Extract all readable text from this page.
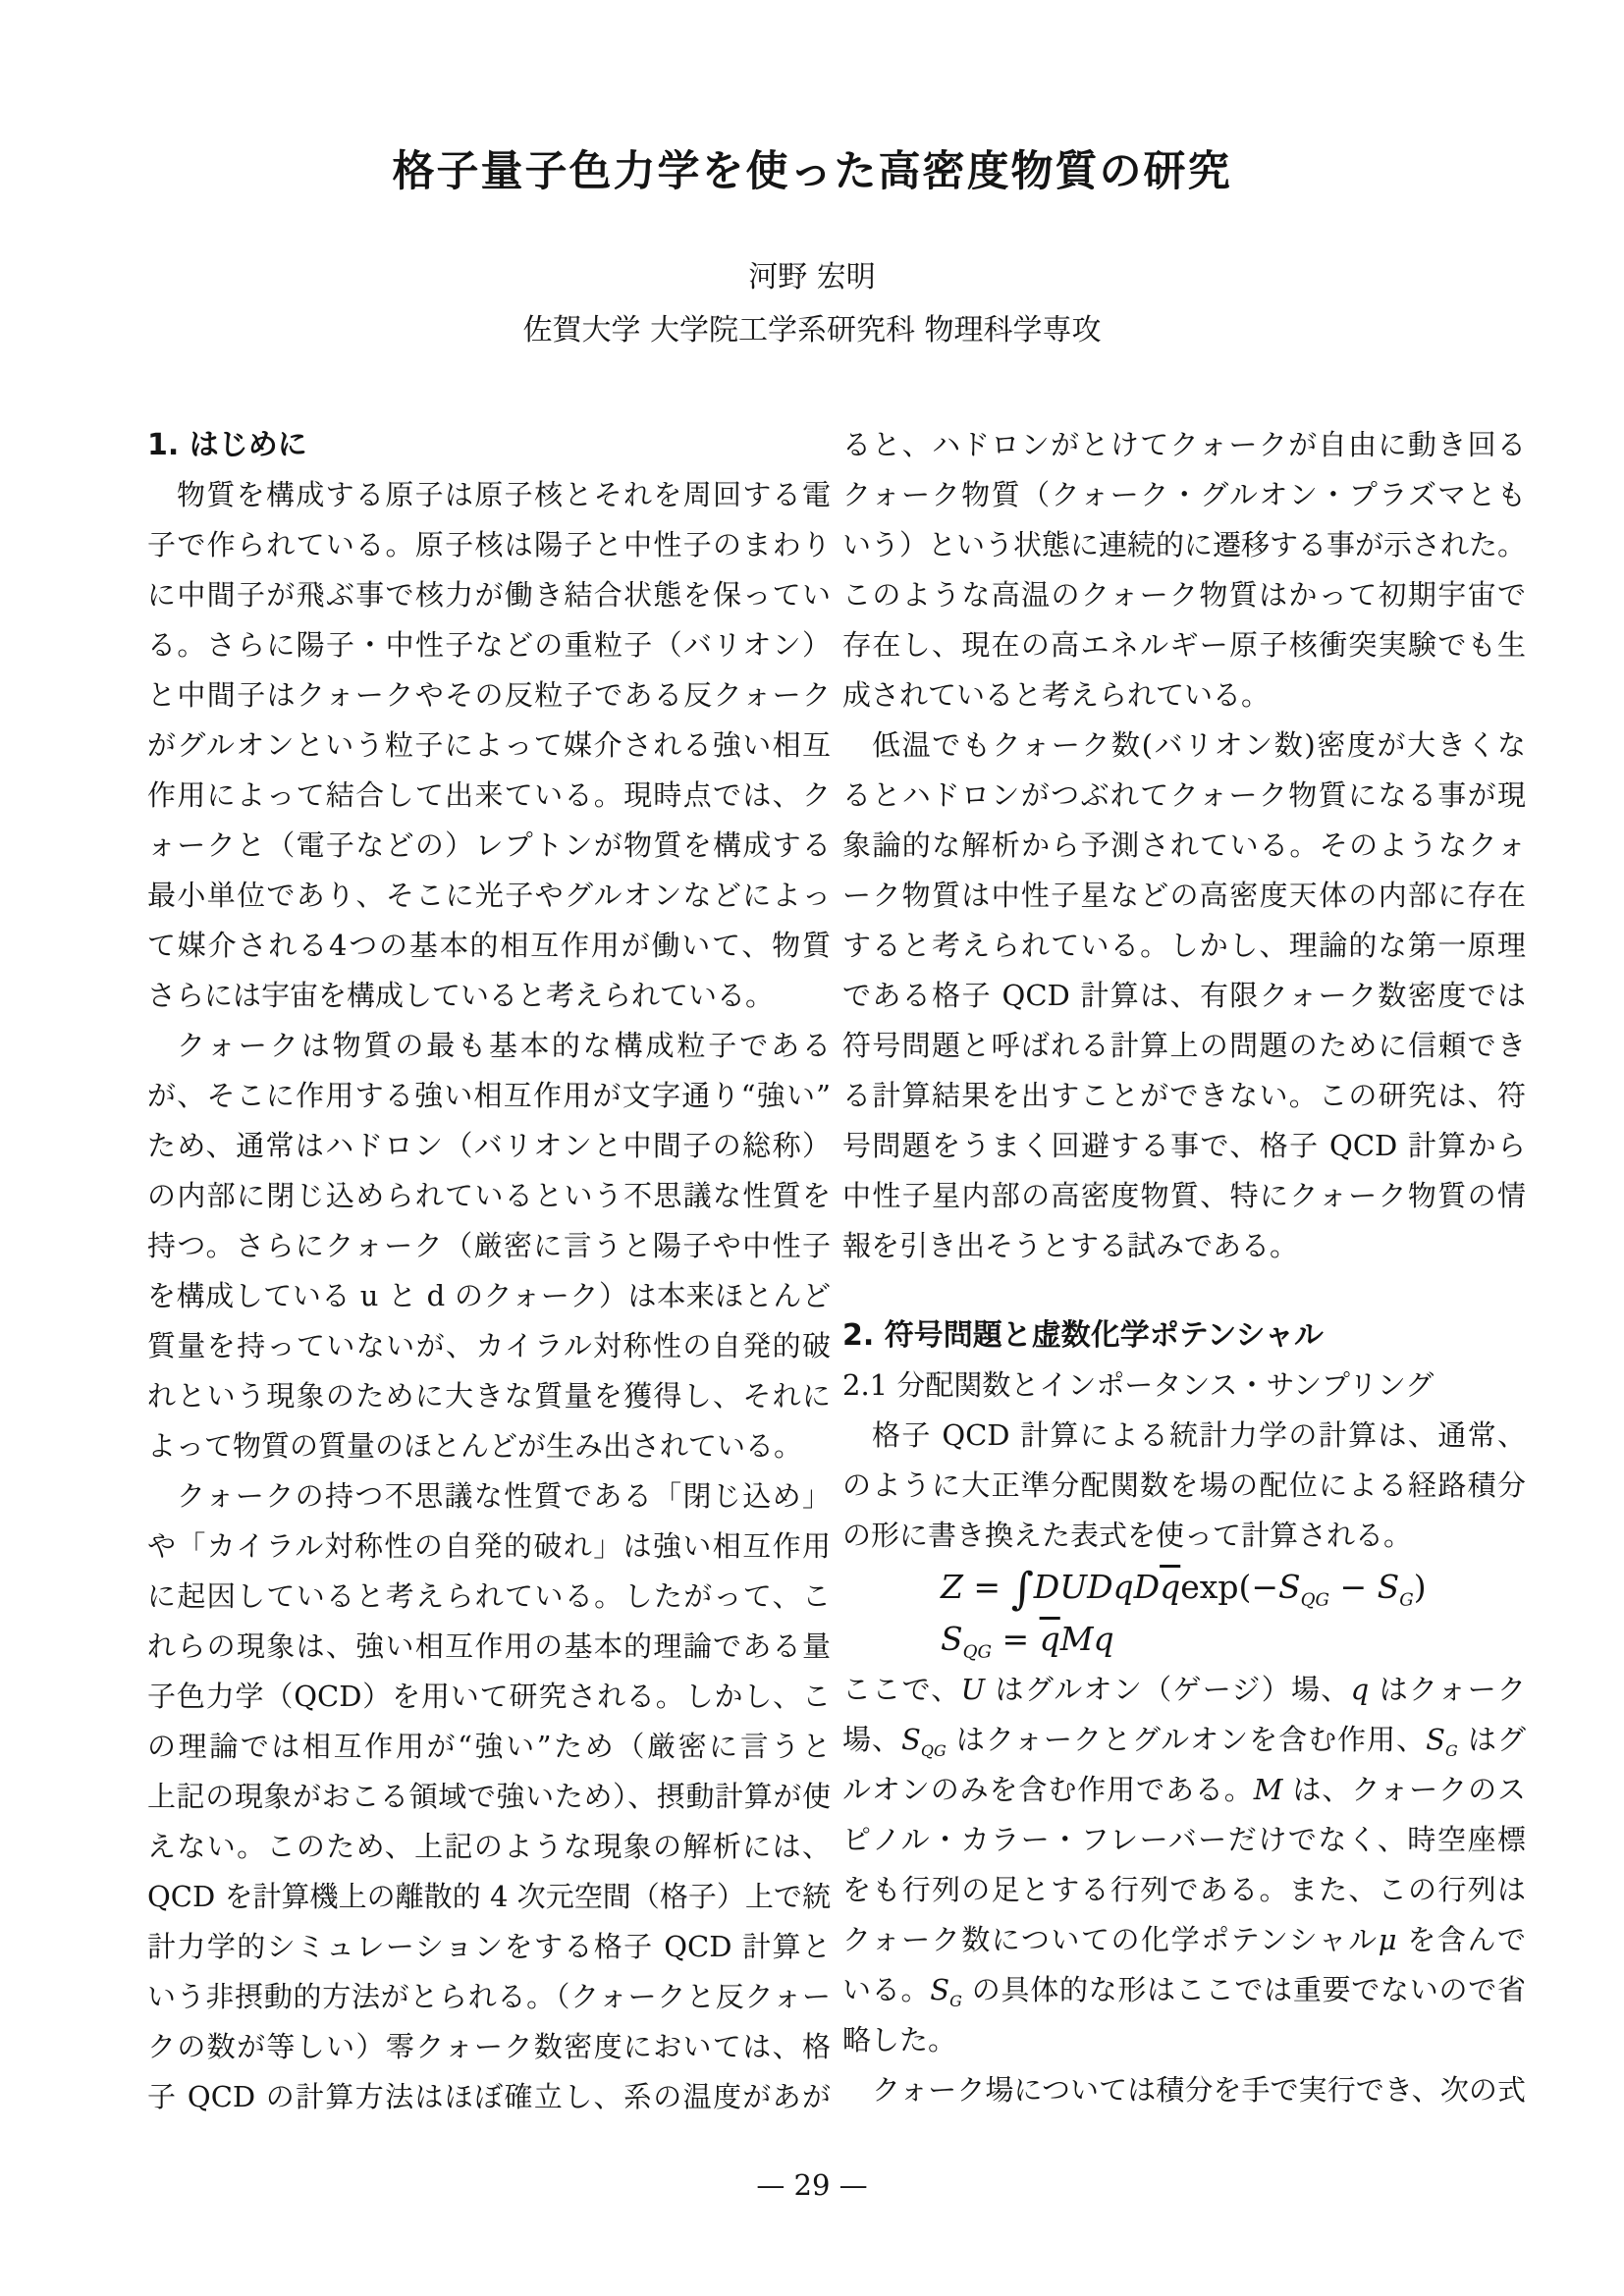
格子量子色力学を使った高密度物質の研究
河野 宏明
佐賀大学 大学院工学系研究科 物理科学専攻
1. はじめに
物質を構成する原子は原子核とそれを周回する電
子で作られている。原子核は陽子と中性子のまわり
に中間子が飛ぶ事で核力が働き結合状態を保ってい
る。さらに陽子・中性子などの重粒子（バリオン）
と中間子はクォークやその反粒子である反クォーク
がグルオンという粒子によって媒介される強い相互
作用によって結合して出来ている。現時点では、ク
ォークと（電子などの）レプトンが物質を構成する
最小単位であり、そこに光子やグルオンなどによっ
て媒介される4つの基本的相互作用が働いて、物質
さらには宇宙を構成していると考えられている。
クォークは物質の最も基本的な構成粒子である
が、そこに作用する強い相互作用が文字通り“強い”
ため、通常はハドロン（バリオンと中間子の総称）
の内部に閉じ込められているという不思議な性質を
持つ。さらにクォーク（厳密に言うと陽子や中性子
を構成している u と d のクォーク）は本来ほとんど
質量を持っていないが、カイラル対称性の自発的破
れという現象のために大きな質量を獲得し、それに
よって物質の質量のほとんどが生み出されている。
クォークの持つ不思議な性質である「閉じ込め」
や「カイラル対称性の自発的破れ」は強い相互作用
に起因していると考えられている。したがって、こ
れらの現象は、強い相互作用の基本的理論である量
子色力学（QCD）を用いて研究される。しかし、こ
の理論では相互作用が“強い”ため（厳密に言うと
上記の現象がおこる領域で強いため）、摂動計算が使
えない。このため、上記のような現象の解析には、
QCD を計算機上の離散的 4 次元空間（格子）上で統
計力学的シミュレーションをする格子 QCD 計算と
いう非摂動的方法がとられる。（クォークと反クォー
クの数が等しい）零クォーク数密度においては、格
子 QCD の計算方法はほぼ確立し、系の温度があが
ると、ハドロンがとけてクォークが自由に動き回る
クォーク物質（クォーク・グルオン・プラズマとも
いう）という状態に連続的に遷移する事が示された。
このような高温のクォーク物質はかって初期宇宙で
存在し、現在の高エネルギー原子核衝突実験でも生
成されていると考えられている。
低温でもクォーク数(バリオン数)密度が大きくな
るとハドロンがつぶれてクォーク物質になる事が現
象論的な解析から予測されている。そのようなクォ
ーク物質は中性子星などの高密度天体の内部に存在
すると考えられている。しかし、理論的な第一原理
である格子 QCD 計算は、有限クォーク数密度では
符号問題と呼ばれる計算上の問題のために信頼でき
る計算結果を出すことができない。この研究は、符
号問題をうまく回避する事で、格子 QCD 計算から
中性子星内部の高密度物質、特にクォーク物質の情
報を引き出そうとする試みである。
2. 符号問題と虚数化学ポテンシャル
2.1 分配関数とインポータンス・サンプリング
格子 QCD 計算による統計力学の計算は、通常、
のように大正準分配関数を場の配位による経路積分
の形に書き換えた表式を使って計算される。
$Z = \int DUDqD\overline{q}\exp(-S_{QG} - S_G)$
$S_{QG} = \overline{q}Mq$
ここで、U はグルオン（ゲージ）場、q はクォーク
場、$S_{QG}$ はクォークとグルオンを含む作用、$S_G$ はグ
ルオンのみを含む作用である。M は、クォークのス
ピノル・カラー・フレーバーだけでなく、時空座標
をも行列の足とする行列である。また、この行列は
クォーク数についての化学ポテンシャルμ を含んで
いる。$S_G$ の具体的な形はここでは重要でないので省
略した。
クォーク場については積分を手で実行でき、次の式
— 29 —
